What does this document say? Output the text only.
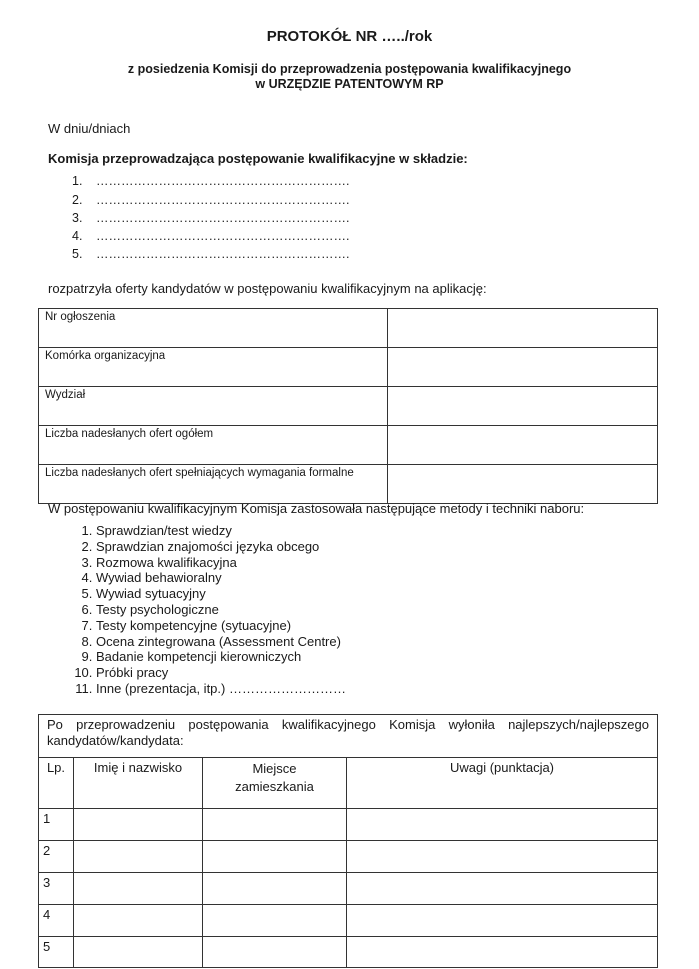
PROTOKÓŁ NR …../rok
z posiedzenia Komisji do przeprowadzenia postępowania kwalifikacyjnego
w URZĘDZIE PATENTOWYM RP
W dniu/dniach
Komisja przeprowadzająca postępowanie kwalifikacyjne w składzie:
1. …………………………………………………….
2. …………………………………………………….
3. …………………………………………………….
4. …………………………………………………….
5. …………………………………………………….
rozpatrzyła oferty kandydatów w postępowaniu kwalifikacyjnym na aplikację:
Nr ogłoszenia	
Komórka organizacyjna	
Wydział	
Liczba nadesłanych ofert ogółem	
Liczba nadesłanych ofert spełniających wymagania formalne	
W postępowaniu kwalifikacyjnym Komisja zastosowała następujące metody i techniki naboru:
1. Sprawdzian/test wiedzy
2. Sprawdzian znajomości języka obcego
3. Rozmowa kwalifikacyjna
4. Wywiad behawioralny
5. Wywiad sytuacyjny
6. Testy psychologiczne
7. Testy kompetencyjne (sytuacyjne)
8. Ocena zintegrowana (Assessment Centre)
9. Badanie kompetencji kierowniczych
10. Próbki pracy
11. Inne (prezentacja, itp.) ………………………
Po przeprowadzeniu postępowania kwalifikacyjnego Komisja wyłoniła najlepszych/najlepszego kandydatów/kandydata:
Lp.	Imię i nazwisko	Miejsce
zamieszkania	Uwagi (punktacja)
1			
2			
3			
4			
5			
